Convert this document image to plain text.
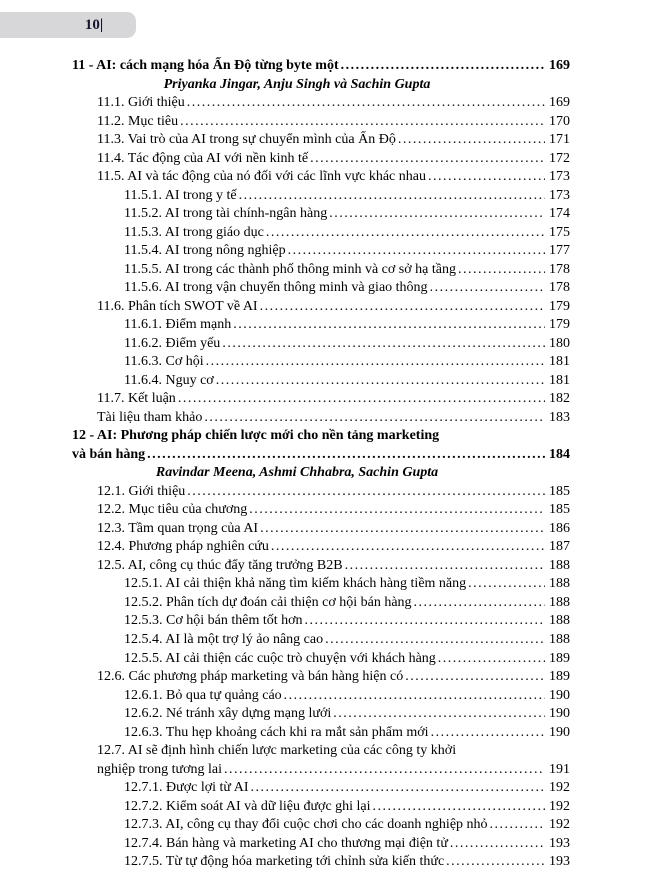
10|
11 - AI: cách mạng hóa Ấn Độ từng byte một .....	169
Priyanka Jingar, Anju Singh và Sachin Gupta
11.1. Giới thiệu .....	169
11.2. Mục tiêu .....	170
11.3. Vai trò của AI trong sự chuyển mình của Ấn Độ .....	171
11.4. Tác động của AI với nền kinh tế .....	172
11.5. AI và tác động của nó đối với các lĩnh vực khác nhau .....	173
11.5.1. AI trong y tế .....	173
11.5.2. AI trong tài chính-ngân hàng .....	174
11.5.3. AI trong giáo dục .....	175
11.5.4. AI trong nông nghiệp .....	177
11.5.5. AI trong các thành phố thông minh và cơ sở hạ tầng .....	178
11.5.6. AI trong vận chuyển thông minh và giao thông .....	178
11.6. Phân tích SWOT về AI .....	179
11.6.1. Điểm mạnh .....	179
11.6.2. Điểm yếu .....	180
11.6.3. Cơ hội .....	181
11.6.4. Nguy cơ .....	181
11.7. Kết luận .....	182
Tài liệu tham khảo .....	183
12 - AI: Phương pháp chiến lược mới cho nền tảng marketing
và bán hàng .....	184
Ravindar Meena, Ashmi Chhabra, Sachin Gupta
12.1. Giới thiệu .....	185
12.2. Mục tiêu của chương .....	185
12.3. Tầm quan trọng của AI .....	186
12.4. Phương pháp nghiên cứu .....	187
12.5. AI, công cụ thúc đẩy tăng trưởng B2B .....	188
12.5.1. AI cải thiện khả năng tìm kiếm khách hàng tiềm năng .....	188
12.5.2. Phân tích dự đoán cải thiện cơ hội bán hàng .....	188
12.5.3. Cơ hội bán thêm tốt hơn .....	188
12.5.4. AI là một trợ lý ảo nâng cao .....	188
12.5.5. AI cải thiện các cuộc trò chuyện với khách hàng .....	189
12.6. Các phương pháp marketing và bán hàng hiện có .....	189
12.6.1. Bỏ qua tự quảng cáo .....	190
12.6.2. Né tránh xây dựng mạng lưới .....	190
12.6.3. Thu hẹp khoảng cách khi ra mắt sản phẩm mới .....	190
12.7. AI sẽ định hình chiến lược marketing của các công ty khởi
nghiệp trong tương lai .....	191
12.7.1. Được lợi từ AI .....	192
12.7.2. Kiểm soát AI và dữ liệu được ghi lại .....	192
12.7.3. AI, công cụ thay đổi cuộc chơi cho các doanh nghiệp nhỏ .....	192
12.7.4. Bán hàng và marketing AI cho thương mại điện tử .....	193
12.7.5. Từ tự động hóa marketing tới chỉnh sửa kiến thức .....	193
